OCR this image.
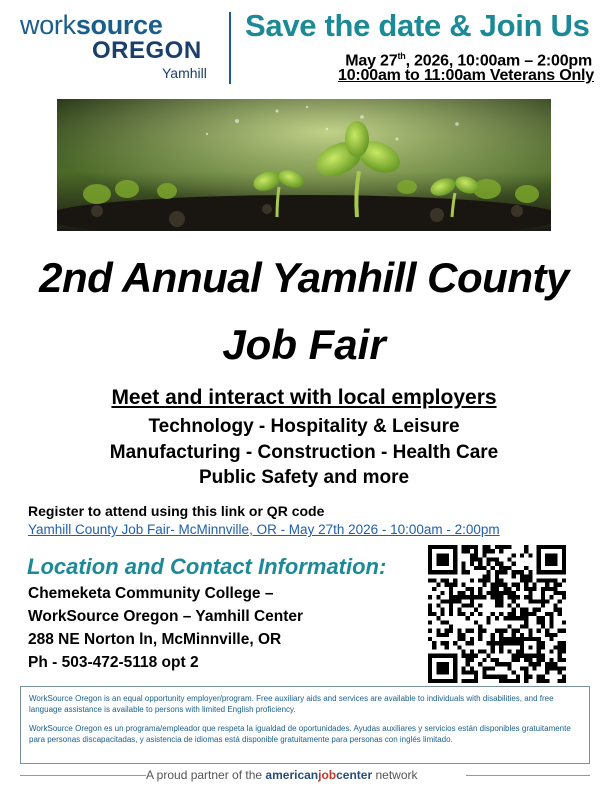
worksource
OREGON
Yamhill
Save the date & Join Us
May 27th, 2026, 10:00am – 2:00pm
10:00am to 11:00am Veterans Only
2nd Annual Yamhill County
Job Fair
Meet and interact with local employers
Technology - Hospitality & Leisure
Manufacturing - Construction - Health Care
Public Safety and more
Register to attend using this link or QR code
Yamhill County Job Fair- McMinnville, OR - May 27th 2026 - 10:00am - 2:00pm
Location and Contact Information:
Chemeketa Community College –
WorkSource Oregon – Yamhill Center
288 NE Norton ln, McMinnville, OR
Ph - 503-472-5118 opt 2

WorkSource Oregon is an equal opportunity employer/program. Free auxiliary aids and services are available to individuals with disabilities, and free language assistance is available to persons with limited English proficiency.

WorkSource Oregon es un programa/empleador que respeta la igualdad de oportunidades. Ayudas auxiliares y servicios están disponibles gratuitamente para personas discapacitadas, y asistencia de idiomas está disponible gratuitamente para personas con inglés limitado.

A proud partner of the americanjobcenter network
